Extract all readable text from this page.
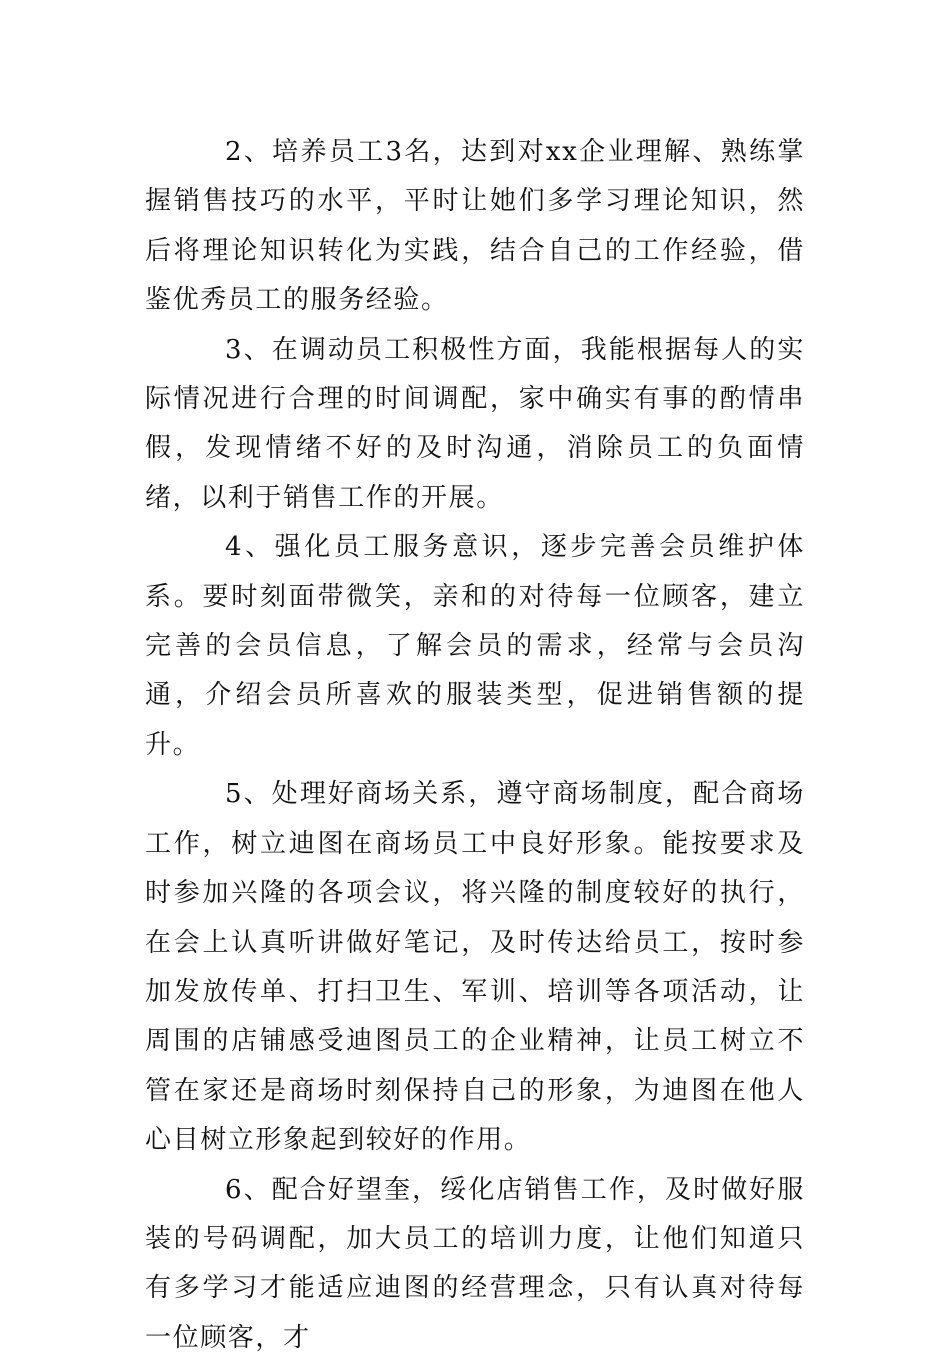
2、培养员工3名，达到对xx企业理解、熟练掌握销售技巧的水平，平时让她们多学习理论知识，然后将理论知识转化为实践，结合自己的工作经验，借鉴优秀员工的服务经验。

3、在调动员工积极性方面，我能根据每人的实际情况进行合理的时间调配，家中确实有事的酌情串假，发现情绪不好的及时沟通，消除员工的负面情绪，以利于销售工作的开展。

4、强化员工服务意识，逐步完善会员维护体系。要时刻面带微笑，亲和的对待每一位顾客，建立完善的会员信息，了解会员的需求，经常与会员沟通，介绍会员所喜欢的服装类型，促进销售额的提升。

5、处理好商场关系，遵守商场制度，配合商场工作，树立迪图在商场员工中良好形象。能按要求及时参加兴隆的各项会议，将兴隆的制度较好的执行，在会上认真听讲做好笔记，及时传达给员工，按时参加发放传单、打扫卫生、军训、培训等各项活动，让周围的店铺感受迪图员工的企业精神，让员工树立不管在家还是商场时刻保持自己的形象，为迪图在他人心目树立形象起到较好的作用。

6、配合好望奎，绥化店销售工作，及时做好服装的号码调配，加大员工的培训力度，让他们知道只有多学习才能适应迪图的经营理念，只有认真对待每一位顾客，才
